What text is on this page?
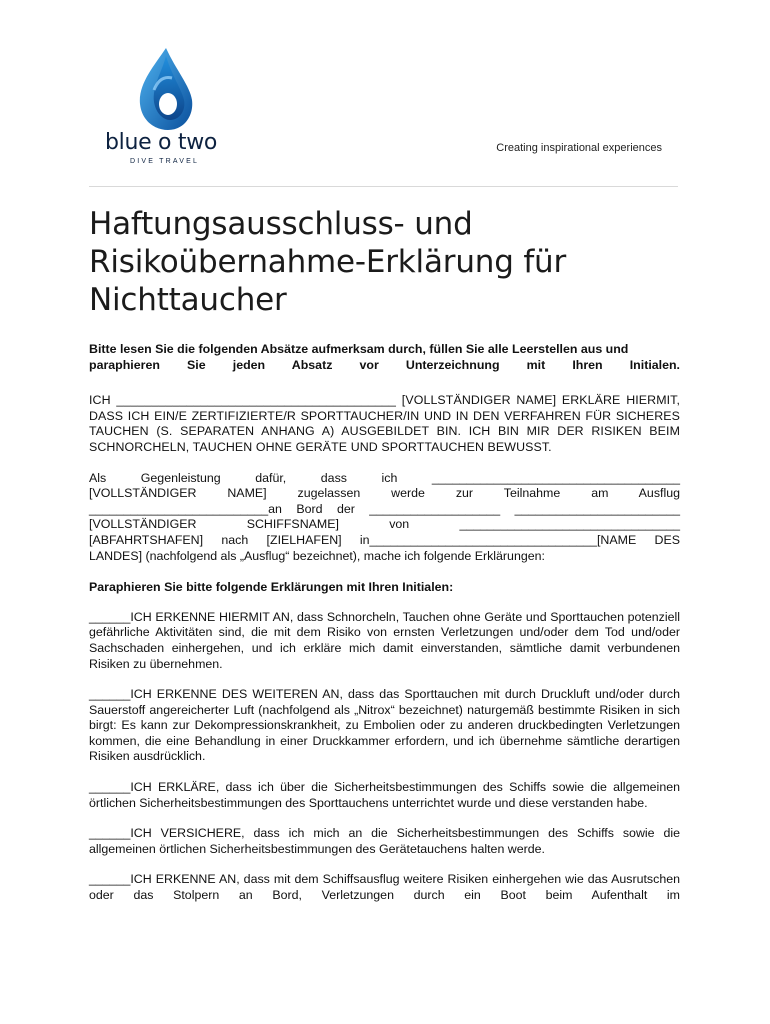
blue o two
DIVE TRAVEL
Creating inspirational experiences
Haftungsausschluss- und
Risikoübernahme-Erklärung für
Nichttaucher

Bitte lesen Sie die folgenden Absätze aufmerksam durch, füllen Sie alle Leerstellen aus und

paraphieren Sie jeden Absatz vor Unterzeichnung mit Ihren Initialen.

ICH ________________________________________ [VOLLSTÄNDIGER NAME] ERKLÄRE HIERMIT, DASS ICH EIN/E ZERTIFIZIERTE/R SPORTTAUCHER/IN UND IN DEN VERFAHREN FÜR SICHERES TAUCHEN (S. SEPARATEN ANHANG A) AUSGEBILDET BIN. ICH BIN MIR DER RISIKEN BEIM SCHNORCHELN, TAUCHEN OHNE GERÄTE UND SPORTTAUCHEN BEWUSST.

Als Gegenleistung dafür, dass ich ____________________________________

[VOLLSTÄNDIGER NAME] zugelassen werde zur Teilnahme am Ausflug

__________________________an Bord der ___________________ ________________________

[VOLLSTÄNDIGER SCHIFFSNAME] von ________________________________

[ABFAHRTSHAFEN] nach [ZIELHAFEN] in_________________________________[NAME DES

LANDES] (nachfolgend als „Ausflug“ bezeichnet), mache ich folgende Erklärungen:

Paraphieren Sie bitte folgende Erklärungen mit Ihren Initialen:

______ICH ERKENNE HIERMIT AN, dass Schnorcheln, Tauchen ohne Geräte und Sporttauchen potenziell gefährliche Aktivitäten sind, die mit dem Risiko von ernsten Verletzungen und/oder dem Tod und/oder Sachschaden einhergehen, und ich erkläre mich damit einverstanden, sämtliche damit verbundenen Risiken zu übernehmen.

______ICH ERKENNE DES WEITEREN AN, dass das Sporttauchen mit durch Druckluft und/oder durch Sauerstoff angereicherter Luft (nachfolgend als „Nitrox“ bezeichnet) naturgemäß bestimmte Risiken in sich birgt: Es kann zur Dekompressionskrankheit, zu Embolien oder zu anderen druckbedingten Verletzungen kommen, die eine Behandlung in einer Druckkammer erfordern, und ich übernehme sämtliche derartigen Risiken ausdrücklich.

______ICH ERKLÄRE, dass ich über die Sicherheitsbestimmungen des Schiffs sowie die allgemeinen örtlichen Sicherheitsbestimmungen des Sporttauchens unterrichtet wurde und diese verstanden habe.

______ICH VERSICHERE, dass ich mich an die Sicherheitsbestimmungen des Schiffs sowie die allgemeinen örtlichen Sicherheitsbestimmungen des Gerätetauchens halten werde.

______ICH ERKENNE AN, dass mit dem Schiffsausflug weitere Risiken einhergehen wie das Ausrutschen oder das Stolpern an Bord, Verletzungen durch ein Boot beim Aufenthalt im
